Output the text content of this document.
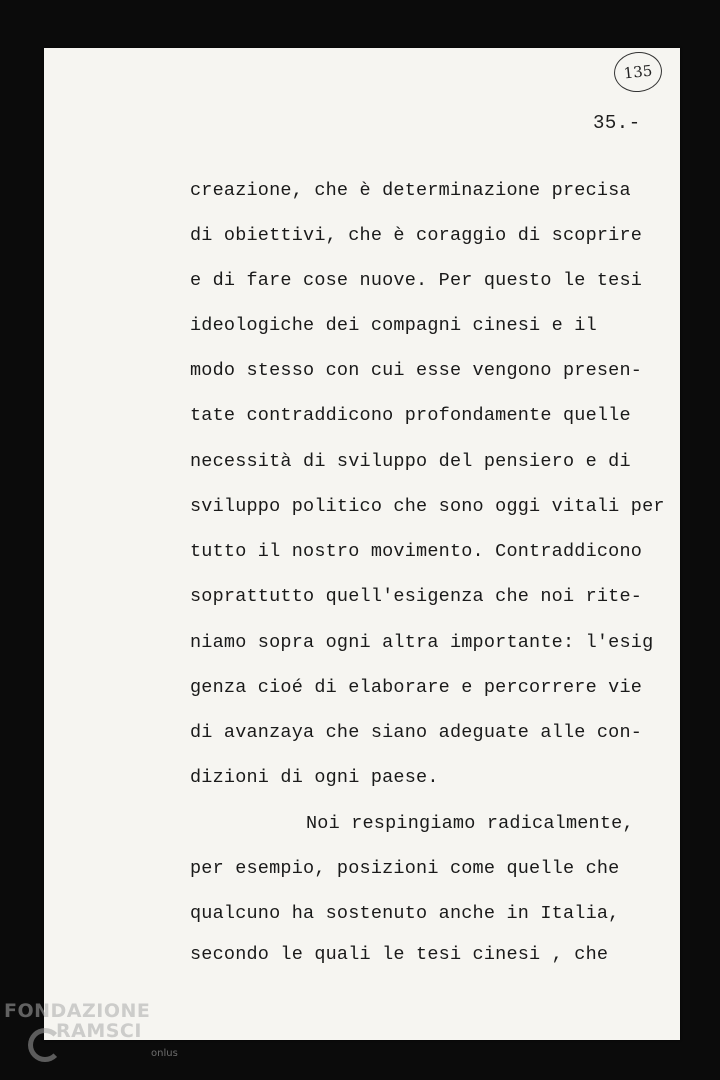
135
35.-
creazione, che è determinazione precisa
di obiettivi, che è coraggio di scoprire
e di fare cose nuove. Per questo le tesi
ideologiche dei compagni cinesi e il
modo stesso con cui esse vengono presen-
tate contraddicono profondamente quelle
necessità di sviluppo del pensiero e di
sviluppo politico che sono oggi vitali per
tutto il nostro movimento. Contraddicono
soprattutto quell'esigenza che noi rite-
niamo sopra ogni altra importante: l'esig
genza cioé di elaborare e percorrere vie
di avanzaya che siano adeguate alle con-
dizioni di ogni paese.
Noi respingiamo radicalmente,
per esempio, posizioni come quelle che
qualcuno ha sostenuto anche in Italia,
secondo le quali le tesi cinesi , che
FONDAZIONE
RAMSCI
onlus
